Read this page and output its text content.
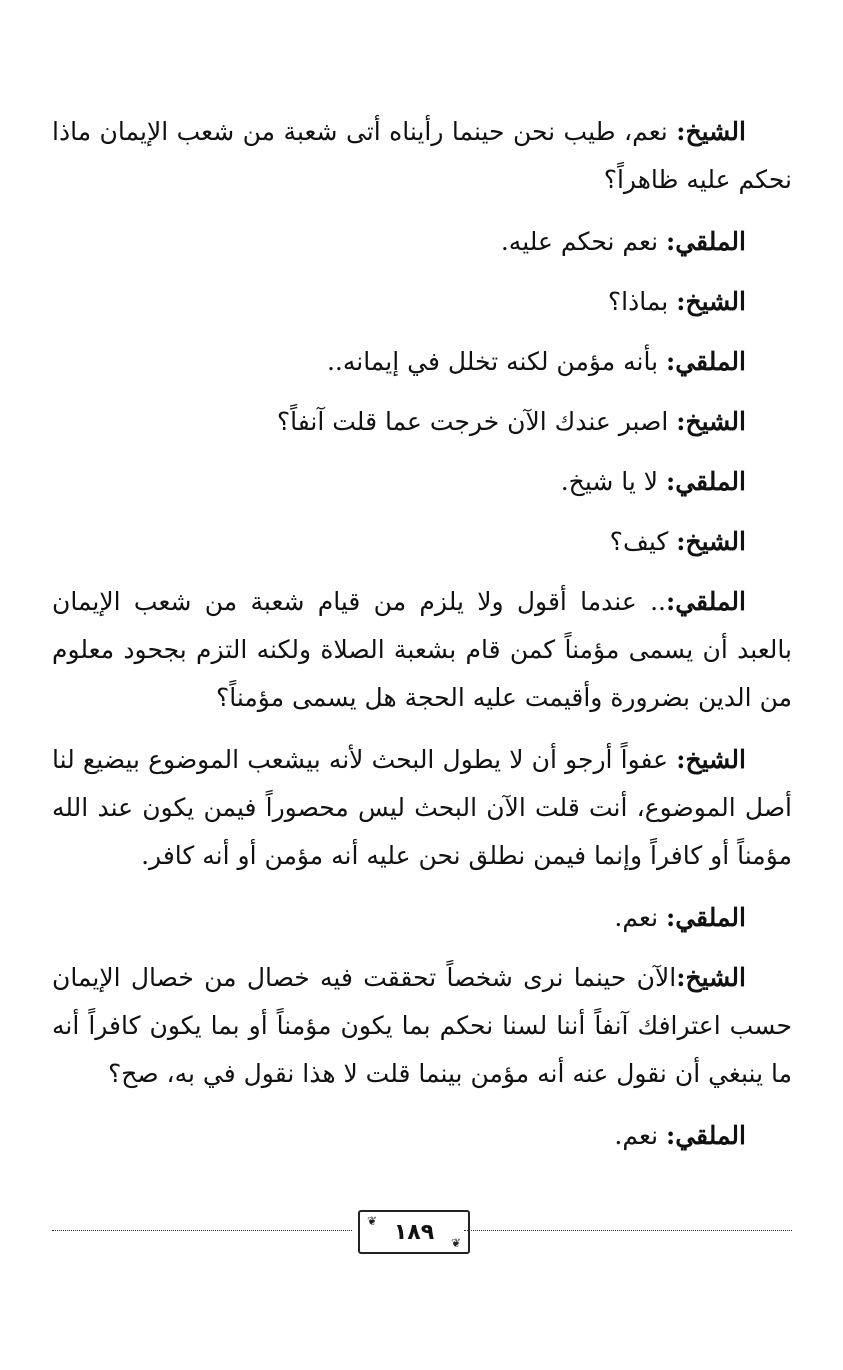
الشيخ: نعم، طيب نحن حينما رأيناه أتى شعبة من شعب الإيمان ماذا نحكم عليه ظاهراً؟

الملقي: نعم نحكم عليه.

الشيخ: بماذا؟

الملقي: بأنه مؤمن لكنه تخلل في إيمانه..

الشيخ: اصبر عندك الآن خرجت عما قلت آنفاً؟

الملقي: لا يا شيخ.

الشيخ: كيف؟

الملقي:.. عندما أقول ولا يلزم من قيام شعبة من شعب الإيمان بالعبد أن يسمى مؤمناً كمن قام بشعبة الصلاة ولكنه التزم بجحود معلوم من الدين بضرورة وأقيمت عليه الحجة هل يسمى مؤمناً؟

الشيخ: عفواً أرجو أن لا يطول البحث لأنه بيشعب الموضوع بيضيع لنا أصل الموضوع، أنت قلت الآن البحث ليس محصوراً فيمن يكون عند الله مؤمناً أو كافراً وإنما فيمن نطلق نحن عليه أنه مؤمن أو أنه كافر.

الملقي: نعم.

الشيخ:الآن حينما نرى شخصاً تحققت فيه خصال من خصال الإيمان حسب اعترافك آنفاً أننا لسنا نحكم بما يكون مؤمناً أو بما يكون كافراً أنه ما ينبغي أن نقول عنه أنه مؤمن بينما قلت لا هذا نقول في به، صح؟

الملقي: نعم.

❦ ١٨٩ ❦
